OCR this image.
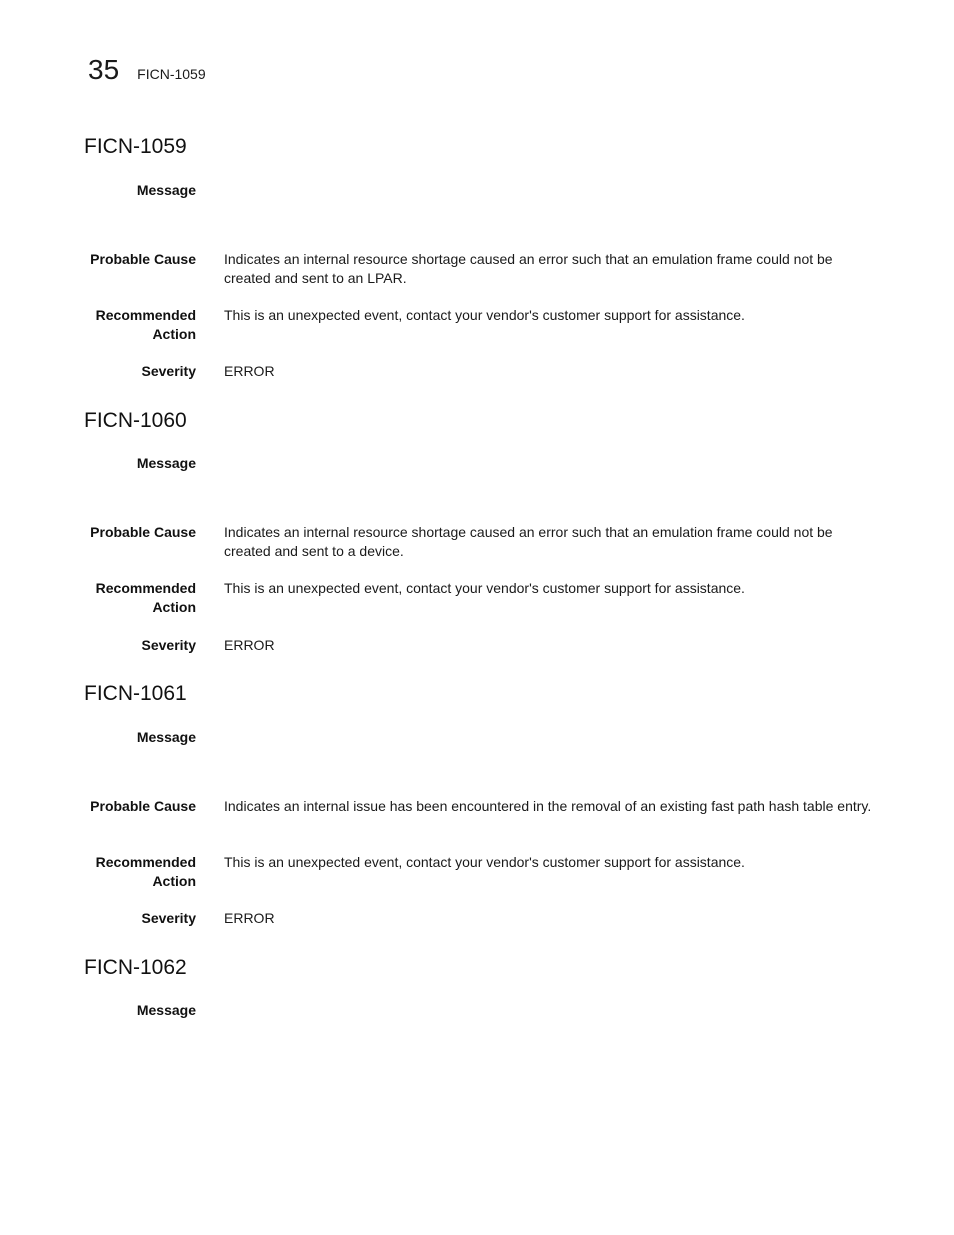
35 FICN-1059
FICN-1059
Message
Probable Cause Indicates an internal resource shortage caused an error such that an emulation frame could not be created and sent to an LPAR.
Recommended
Action
This is an unexpected event, contact your vendor's customer support for assistance.
Severity ERROR
FICN-1060
Message
Probable Cause Indicates an internal resource shortage caused an error such that an emulation frame could not be created and sent to a device.
Recommended
Action
This is an unexpected event, contact your vendor's customer support for assistance.
Severity ERROR
FICN-1061
Message
Probable Cause Indicates an internal issue has been encountered in the removal of an existing fast path hash table entry.
Recommended
Action
This is an unexpected event, contact your vendor's customer support for assistance.
Severity ERROR
FICN-1062
Message
